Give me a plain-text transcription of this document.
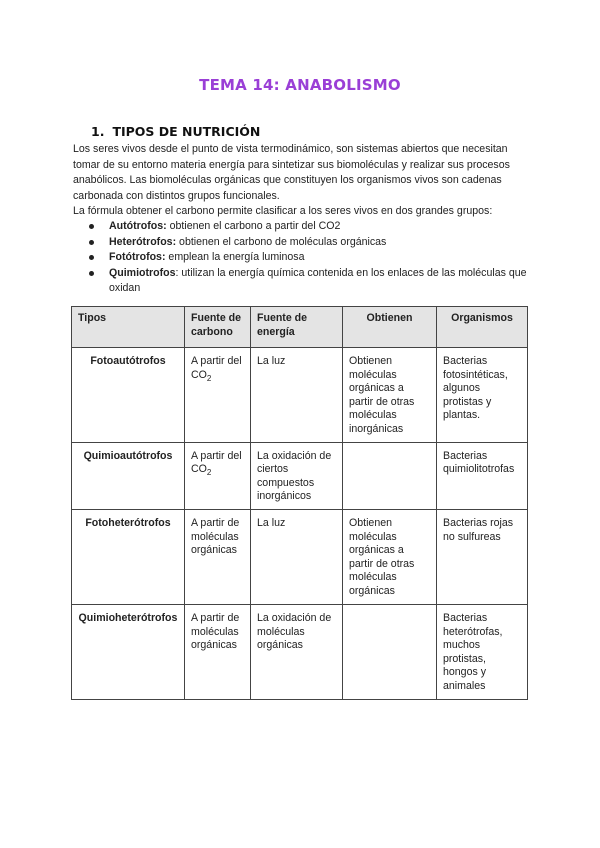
TEMA 14: ANABOLISMO
1. TIPOS DE NUTRICIÓN
Los seres vivos desde el punto de vista termodinámico, son sistemas abiertos que necesitan tomar de su entorno materia energía para sintetizar sus biomoléculas y realizar sus procesos anabólicos. Las biomoléculas orgánicas que constituyen los organismos vivos son cadenas carbonada con distintos grupos funcionales.
La fórmula obtener el carbono permite clasificar a los seres vivos en dos grandes grupos:
Autótrofos: obtienen el carbono a partir del CO2
Heterótrofos: obtienen el carbono de moléculas orgánicas
Fotótrofos: emplean la energía luminosa
Quimiotrofos: utilizan la energía química contenida en los enlaces de las moléculas que oxidan
Tipos	Fuente de carbono	Fuente de energía	Obtienen	Organismos
Fotoautótrofos	A partir del $CO_2$	La luz	Obtienen moléculas orgánicas a partir de otras moléculas inorgánicas	Bacterias fotosintéticas, algunos protistas y plantas.
Quimioautótrofos	A partir del $CO_2$	La oxidación de ciertos compuestos inorgánicos		Bacterias quimiolitotrofas
Fotoheterótrofos	A partir de moléculas orgánicas	La luz	Obtienen moléculas orgánicas a partir de otras moléculas orgánicas	Bacterias rojas no sulfureas
Quimioheterótrofos	A partir de moléculas orgánicas	La oxidación de moléculas orgánicas		Bacterias heterótrofas, muchos protistas, hongos y animales
